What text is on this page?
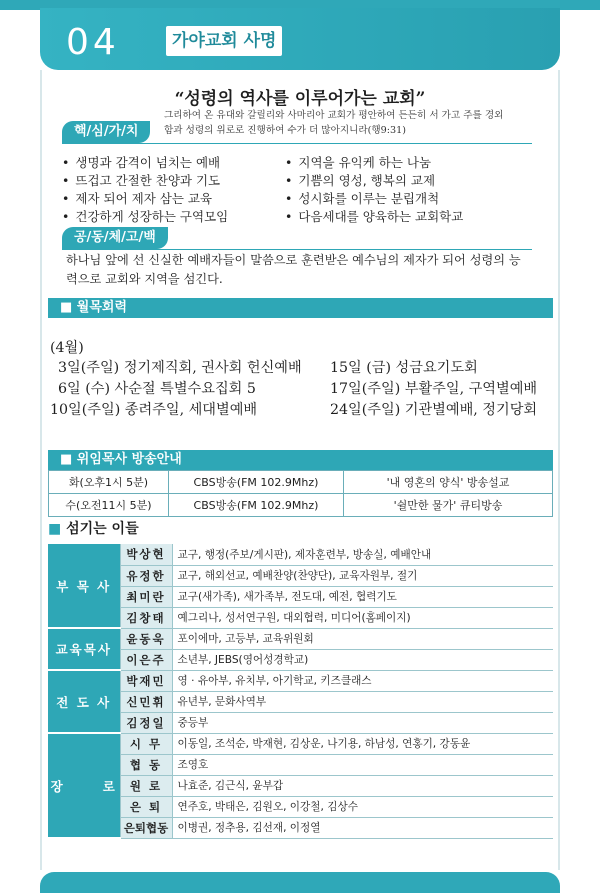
04	가야교회 사명
“성령의 역사를 이루어가는 교회”
그리하여 온 유대와 갈릴리와 사마리아 교회가 평안하여 든든히 서 가고 주를 경외함과 성령의 위로로 진행하여 수가 더 많아지니라(행9:31)
핵/심/가/치
• 생명과 감격이 넘치는 예배
• 뜨겁고 간절한 찬양과 기도
• 제자 되어 제자 삼는 교육
• 건강하게 성장하는 구역모임
• 지역을 유익케 하는 나눔
• 기쁨의 영성, 행복의 교제
• 성시화를 이루는 분립개척
• 다음세대를 양육하는 교회학교
공/동/체/고/백
하나님 앞에 선 신실한 예배자들이 말씀으로 훈련받은 예수님의 제자가 되어 성령의 능력으로 교회와 지역을 섬긴다.
■ 월목회력
(4월)
3일(주일) 정기제직회, 권사회 헌신예배
6일 (수) 사순절 특별수요집회 5
10일(주일) 종려주일, 세대별예배
15일 (금) 성금요기도회
17일(주일) 부활주일, 구역별예배
24일(주일) 기관별예배, 정기당회
■ 위임목사 방송안내
화(오후1시 5분)	CBS방송(FM 102.9Mhz)	'내 영혼의 양식' 방송설교
수(오전11시 5분)	CBS방송(FM 102.9Mhz)	'쉴만한 물가' 큐티방송
■ 섬기는 이들
부 목 사	박상현	교구, 행정(주보/게시판), 제자훈련부, 방송실, 예배안내
	유정한	교구, 해외선교, 예배찬양(찬양단), 교육자원부, 절기
	최미란	교구(새가족), 새가족부, 전도대, 예전, 협력기도
	김창태	예그리나, 성서연구원, 대외협력, 미디어(홈페이지)
교육목사	윤동욱	포이에마, 고등부, 교육위원회
	이은주	소년부, JEBS(영어성경학교)
전 도 사	박재민	영 · 유아부, 유치부, 아기학교, 키즈클래스
	신민휘	유년부, 문화사역부
	김정일	중등부
장      로	시 무	이동일, 조석순, 박재현, 김상운, 나기용, 하남성, 연홍기, 강동윤
	협 동	조영호
	원 로	나효준, 김근식, 윤부갑
	은 퇴	연주호, 박태은, 김원오, 이강철, 김상수
	은퇴협동	이병권, 정추용, 김선재, 이정열
